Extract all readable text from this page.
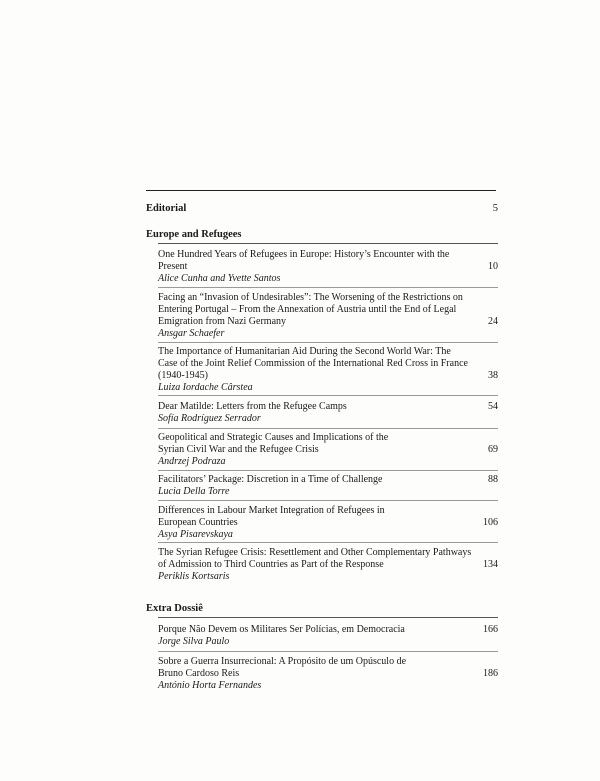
Editorial	5
Europe and Refugees
One Hundred Years of Refugees in Europe: History’s Encounter with the Present
Alice Cunha and Yvette Santos
10
Facing an “Invasion of Undesirables”: The Worsening of the Restrictions on Entering Portugal – From the Annexation of Austria until the End of Legal Emigration from Nazi Germany
Ansgar Schaefer
24
The Importance of Humanitarian Aid During the Second World War: The Case of the Joint Relief Commission of the International Red Cross in France (1940-1945)
Luiza Iordache Cârstea
38
Dear Matilde: Letters from the Refugee Camps
Sofía Rodríguez Serrador
54
Geopolitical and Strategic Causes and Implications of the Syrian Civil War and the Refugee Crisis
Andrzej Podraza
69
Facilitators’ Package: Discretion in a Time of Challenge
Lucia Della Torre
88
Differences in Labour Market Integration of Refugees in European Countries
Asya Pisarevskaya
106
The Syrian Refugee Crisis: Resettlement and Other Complementary Pathways of Admission to Third Countries as Part of the Response
Periklis Kortsaris
134
Extra Dossiê
Porque Não Devem os Militares Ser Polícias, em Democracia
Jorge Silva Paulo
166
Sobre a Guerra Insurrecional: A Propósito de um Opúsculo de Bruno Cardoso Reis
António Horta Fernandes
186
